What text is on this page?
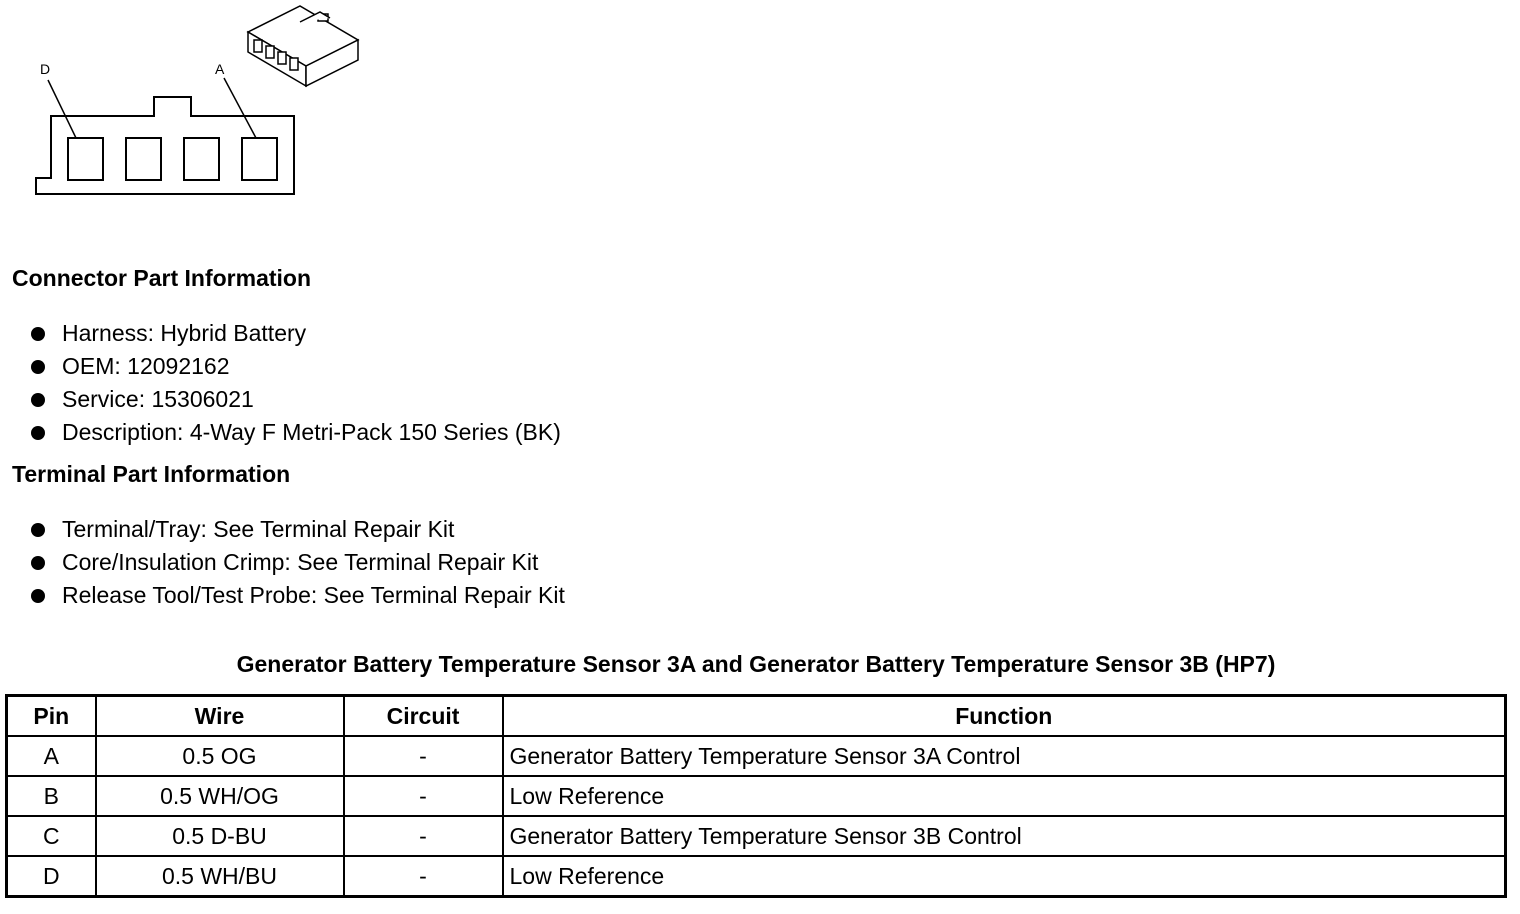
D	A
Connector Part Information
Harness: Hybrid Battery
OEM: 12092162
Service: 15306021
Description: 4-Way F Metri-Pack 150 Series (BK)
Terminal Part Information
Terminal/Tray: See Terminal Repair Kit
Core/Insulation Crimp: See Terminal Repair Kit
Release Tool/Test Probe: See Terminal Repair Kit
Generator Battery Temperature Sensor 3A and Generator Battery Temperature Sensor 3B (HP7)
Pin	Wire	Circuit	Function
A	0.5 OG	-	Generator Battery Temperature Sensor 3A Control
B	0.5 WH/OG	-	Low Reference
C	0.5 D-BU	-	Generator Battery Temperature Sensor 3B Control
D	0.5 WH/BU	-	Low Reference
